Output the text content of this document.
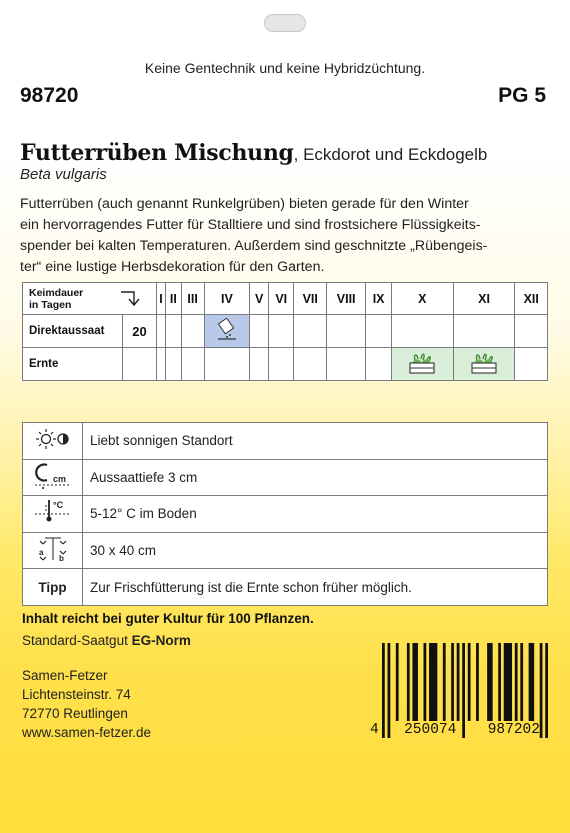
Keine Gentechnik und keine Hybridzüchtung.
98720	PG 5
Futterrüben Mischung, Eckdorot und Eckdogelb
Beta vulgaris
Futterrüben (auch genannt Runkelgrüben) bieten gerade für den Winter
ein hervorragendes Futter für Stalltiere und sind frostsichere Flüssigkeits-
spender bei kalten Temperaturen. Außerdem sind geschnitzte „Rübengeis-
ter“ eine lustige Herbsdekoration für den Garten.
Keimdauer
in Tagen		I	II	III	IV	V	VI	VII	VIII	IX	X	XI	XII
Direktaussaat	20												
Ernte													
	Liebt sonnigen Standort

cm	Aussaattiefe 3 cm

°C	5-12° C im Boden

a
b	30 x 40 cm
Tipp	Zur Frischfütterung ist die Ernte schon früher möglich.
Inhalt reicht bei guter Kultur für 100 Pflanzen.
Standard-Saatgut EG-Norm
Samen-Fetzer
Lichtensteinstr. 74
72770 Reutlingen
www.samen-fetzer.de	4 250074 987202
